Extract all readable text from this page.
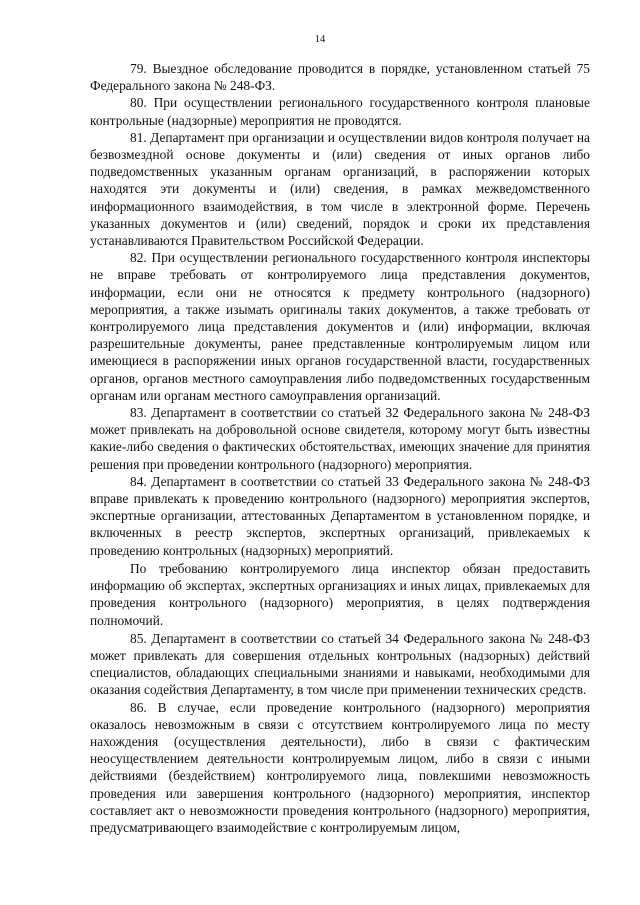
14

79. Выездное обследование проводится в порядке, установленном статьей 75 Федерального закона № 248-ФЗ.

80. При осуществлении регионального государственного контроля плановые контрольные (надзорные) мероприятия не проводятся.

81. Департамент при организации и осуществлении видов контроля получает на безвозмездной основе документы и (или) сведения от иных органов либо подведомственных указанным органам организаций, в распоряжении которых находятся эти документы и (или) сведения, в рамках межведомственного информационного взаимодействия, в том числе в электронной форме. Перечень указанных документов и (или) сведений, порядок и сроки их представления устанавливаются Правительством Российской Федерации.

82. При осуществлении регионального государственного контроля инспекторы не вправе требовать от контролируемого лица представления документов, информации, если они не относятся к предмету контрольного (надзорного) мероприятия, а также изымать оригиналы таких документов, а также требовать от контролируемого лица представления документов и (или) информации, включая разрешительные документы, ранее представленные контролируемым лицом или имеющиеся в распоряжении иных органов государственной власти, государственных органов, органов местного самоуправления либо подведомственных государственным органам или органам местного самоуправления организаций.

83. Департамент в соответствии со статьей 32 Федерального закона № 248-ФЗ может привлекать на добровольной основе свидетеля, которому могут быть известны какие-либо сведения о фактических обстоятельствах, имеющих значение для принятия решения при проведении контрольного (надзорного) мероприятия.

84. Департамент в соответствии со статьей 33 Федерального закона № 248-ФЗ вправе привлекать к проведению контрольного (надзорного) мероприятия экспертов, экспертные организации, аттестованных Департаментом в установленном порядке, и включенных в реестр экспертов, экспертных организаций, привлекаемых к проведению контрольных (надзорных) мероприятий.

По требованию контролируемого лица инспектор обязан предоставить информацию об экспертах, экспертных организациях и иных лицах, привлекаемых для проведения контрольного (надзорного) мероприятия, в целях подтверждения полномочий.

85. Департамент в соответствии со статьей 34 Федерального закона № 248-ФЗ может привлекать для совершения отдельных контрольных (надзорных) действий специалистов, обладающих специальными знаниями и навыками, необходимыми для оказания содействия Департаменту, в том числе при применении технических средств.

86. В случае, если проведение контрольного (надзорного) мероприятия оказалось невозможным в связи с отсутствием контролируемого лица по месту нахождения (осуществления деятельности), либо в связи с фактическим неосуществлением деятельности контролируемым лицом, либо в связи с иными действиями (бездействием) контролируемого лица, повлекшими невозможность проведения или завершения контрольного (надзорного) мероприятия, инспектор составляет акт о невозможности проведения контрольного (надзорного) мероприятия, предусматривающего взаимодействие с контролируемым лицом,
